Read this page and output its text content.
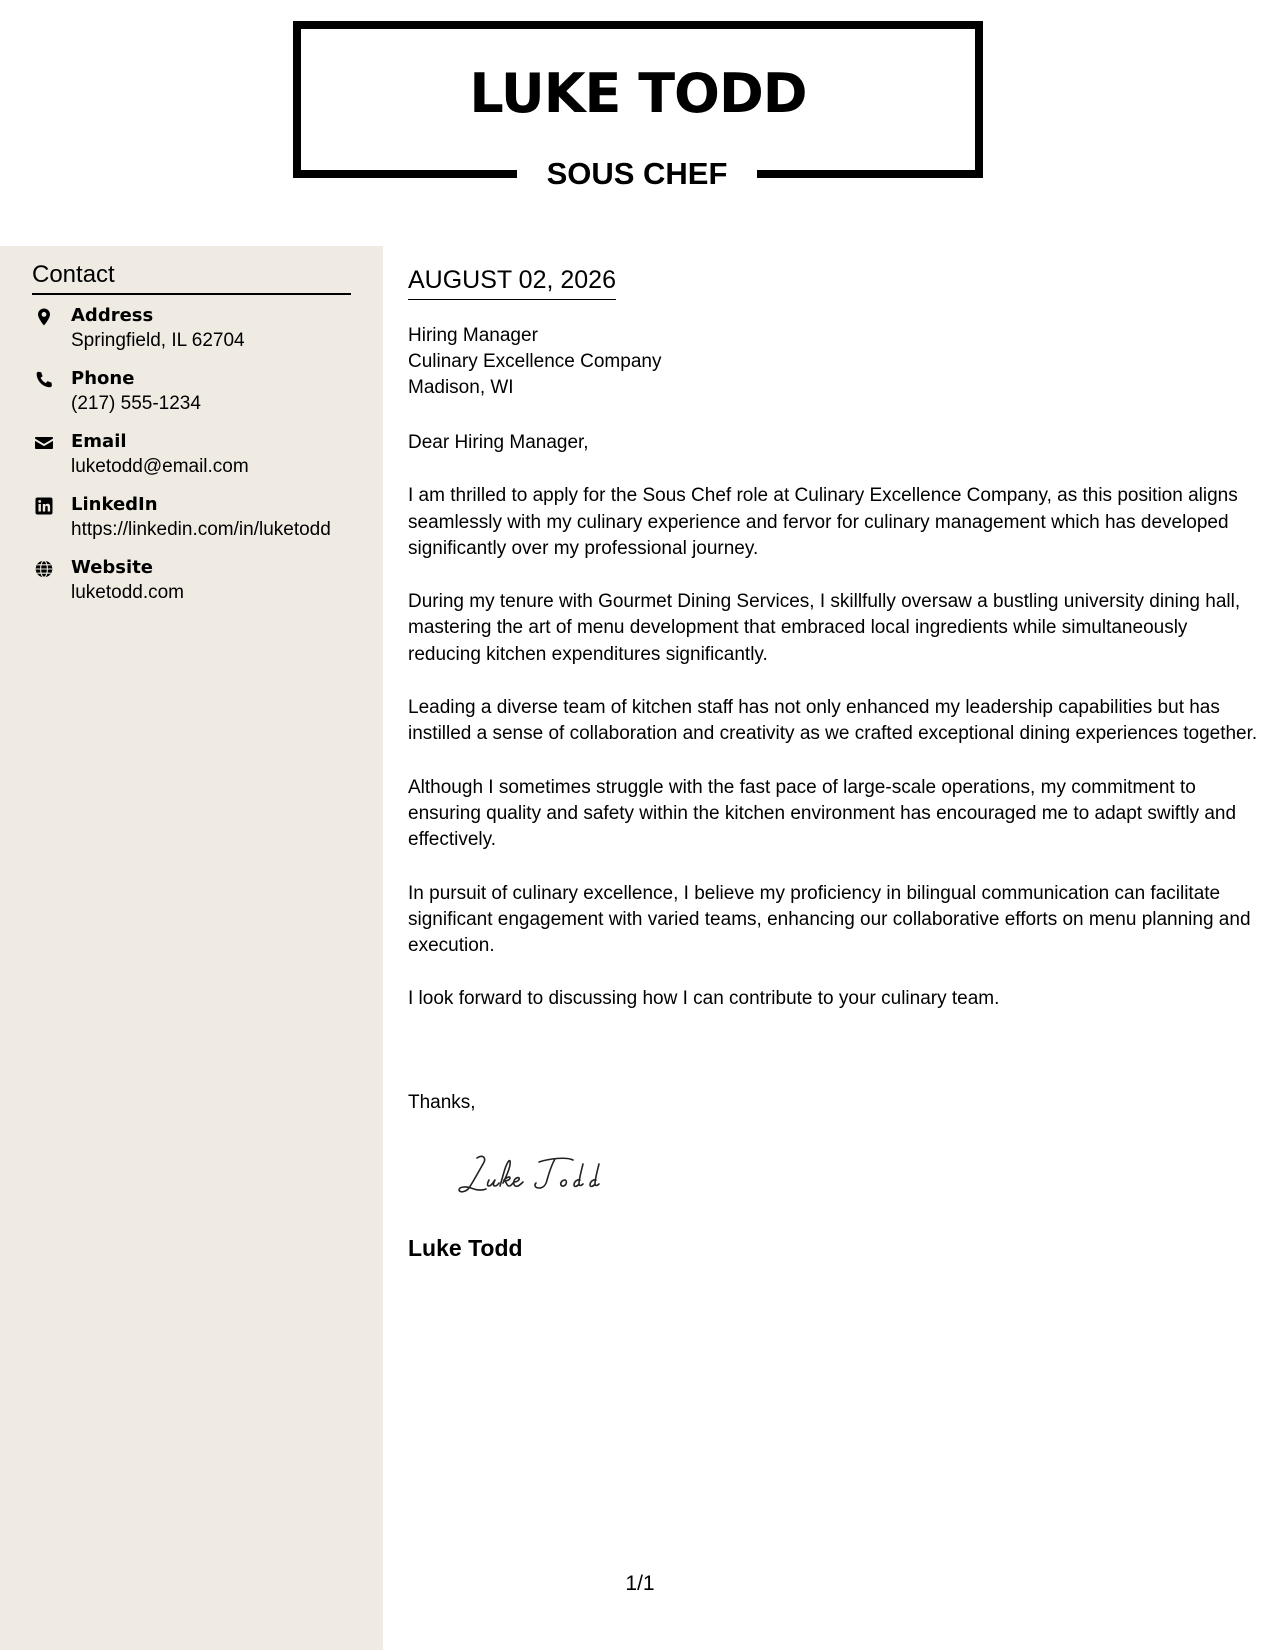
LUKE TODD
SOUS CHEF
Contact
Address
Springfield, IL 62704
Phone
(217) 555-1234
Email
luketodd@email.com
LinkedIn
https://linkedin.com/in/luketodd
Website
luketodd.com
AUGUST 02, 2026
Hiring Manager
Culinary Excellence Company
Madison, WI

Dear Hiring Manager,

I am thrilled to apply for the Sous Chef role at Culinary Excellence Company, as this position aligns seamlessly with my culinary experience and fervor for culinary management which has developed significantly over my professional journey.

During my tenure with Gourmet Dining Services, I skillfully oversaw a bustling university dining hall, mastering the art of menu development that embraced local ingredients while simultaneously reducing kitchen expenditures significantly.

Leading a diverse team of kitchen staff has not only enhanced my leadership capabilities but has instilled a sense of collaboration and creativity as we crafted exceptional dining experiences together.

Although I sometimes struggle with the fast pace of large-scale operations, my commitment to ensuring quality and safety within the kitchen environment has encouraged me to adapt swiftly and effectively.

In pursuit of culinary excellence, I believe my proficiency in bilingual communication can facilitate significant engagement with varied teams, enhancing our collaborative efforts on menu planning and execution.

I look forward to discussing how I can contribute to your culinary team.

Thanks,
Luke Todd
1/1
